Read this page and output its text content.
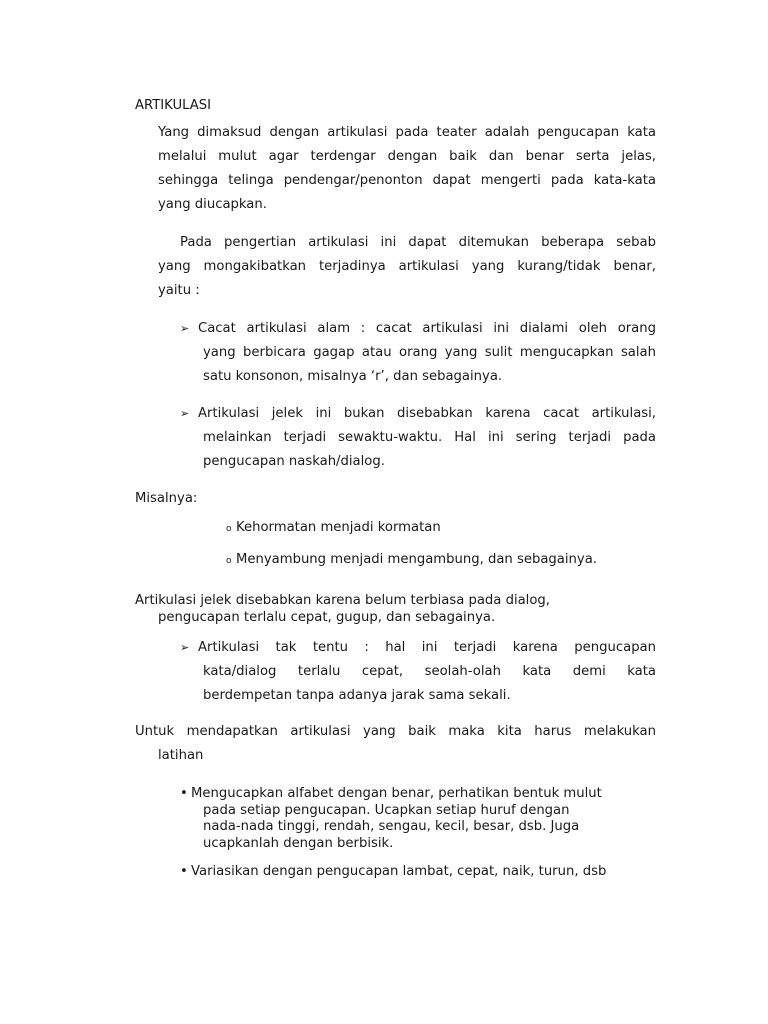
ARTIKULASI
Yang dimaksud dengan artikulasi pada teater adalah pengucapan kata
melalui mulut agar terdengar dengan baik dan benar serta jelas,
sehingga telinga pendengar/penonton dapat mengerti pada kata-kata
yang diucapkan.
Pada pengertian artikulasi ini dapat ditemukan beberapa sebab
yang mongakibatkan terjadinya artikulasi yang kurang/tidak benar,
yaitu :
➢ Cacat artikulasi alam : cacat artikulasi ini dialami oleh orang
yang berbicara gagap atau orang yang sulit mengucapkan salah
satu konsonon, misalnya ‘r’, dan sebagainya.
➢ Artikulasi jelek ini bukan disebabkan karena cacat artikulasi,
melainkan terjadi sewaktu-waktu. Hal ini sering terjadi pada
pengucapan naskah/dialog.
Misalnya:
o Kehormatan menjadi kormatan
o Menyambung menjadi mengambung, dan sebagainya.
Artikulasi jelek disebabkan karena belum terbiasa pada dialog,
pengucapan terlalu cepat, gugup, dan sebagainya.
➢ Artikulasi tak tentu : hal ini terjadi karena pengucapan
kata/dialog terlalu cepat, seolah-olah kata demi kata
berdempetan tanpa adanya jarak sama sekali.
Untuk mendapatkan artikulasi yang baik maka kita harus melakukan
latihan
• Mengucapkan alfabet dengan benar, perhatikan bentuk mulut
pada setiap pengucapan. Ucapkan setiap huruf dengan
nada-nada tinggi, rendah, sengau, kecil, besar, dsb. Juga
ucapkanlah dengan berbisik.
• Variasikan dengan pengucapan lambat, cepat, naik, turun, dsb
